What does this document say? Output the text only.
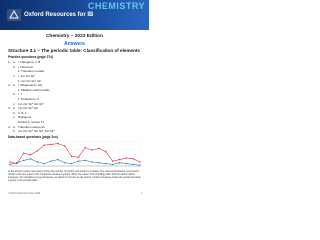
Oxford Resources for IB
CHEMISTRY
Chemistry – 2023 Edition
Answers
Structure 3.1 – The periodic table: Classification of elements
Practice questions (page 274)
1. a. i. Halogens; ii. B
b. i. Neutrons
ii. Transition metals
c. i. 1s² 2s² 2p⁶
ii. 1s² 2s² 2p⁶ 3s¹
2. a. i. Magnesium, Mg
ii. Alkaline earth metals
b. i. 7
ii. Potassium, K
c. 1s² 2s² 2p⁶ 3s² 3p⁴
3. a. 1s² 2s² 2p⁶ 3s²
b. 2, 8, 1
c. Halogens
Period 3, Group 17
4. a. Transition elements
b. 1s² 2s² 2p⁶ 3s² 3p⁶ 4s² 3d⁸
Data-based questions (page 2xx)
At the atomic number and mass number the number of protons and neutrons increase. The observed behaviour and trend is similar to the one noted in the comparison between groups. When the value of the shielding effect and the atomic radius increases, the ionization energy decreases, as shown by the line as the atomic number increases across the period and down a group in the periodic table.
© Oxford University Press 2023	1
